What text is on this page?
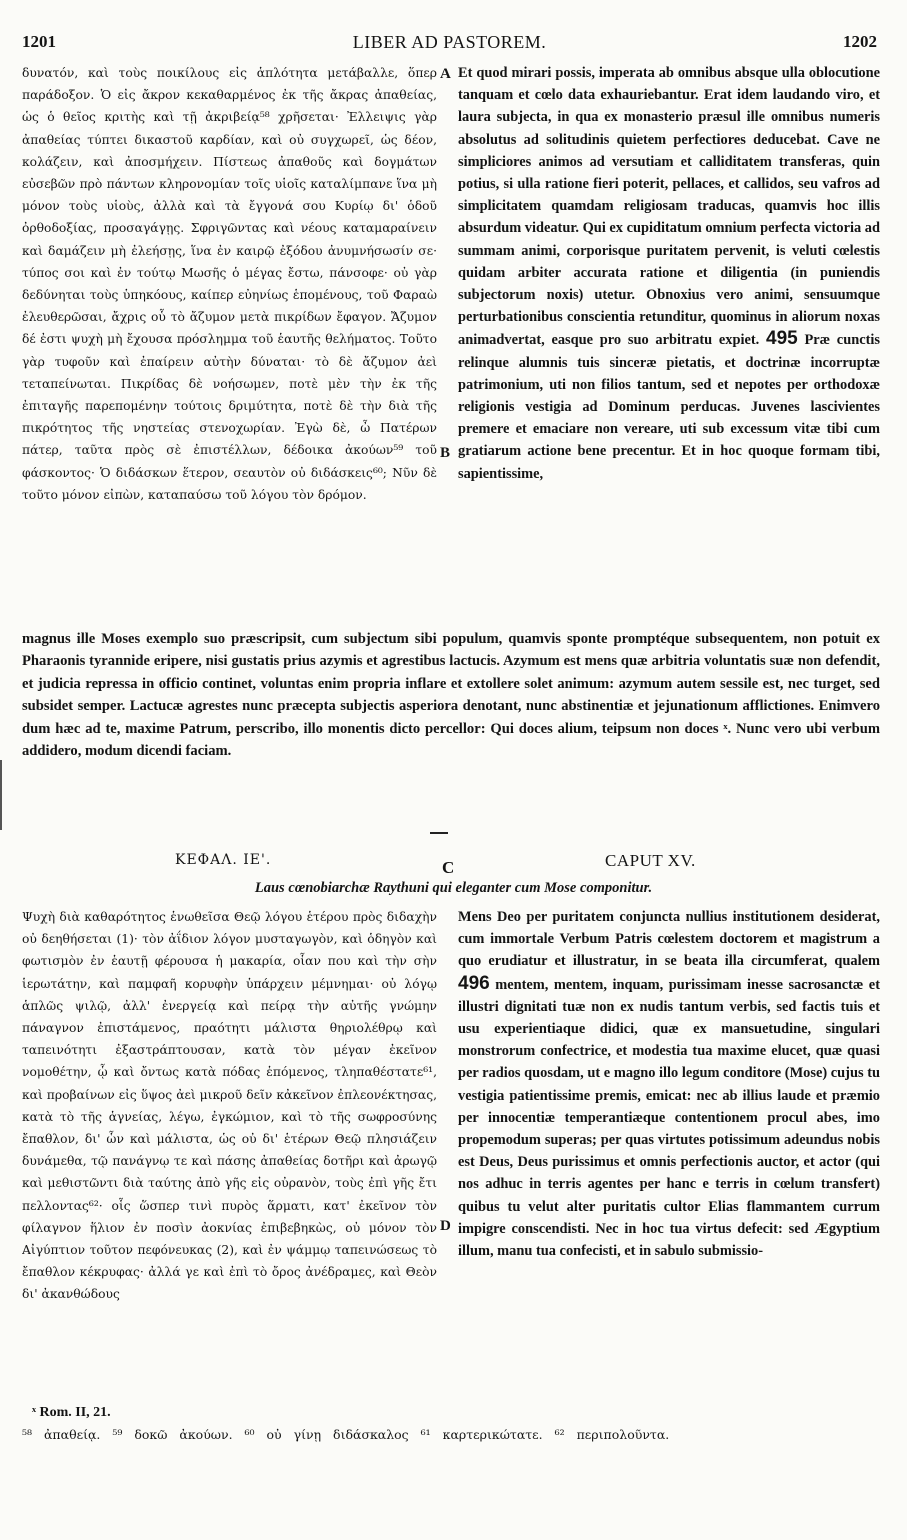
1201	LIBER AD PASTOREM.	1202

δυνατόν, καὶ τοὺς ποικίλους εἰς ἁπλότητα μετάβαλλε, ὅπερ παράδοξον. Ὁ εἰς ἄκρον κεκαθαρμένος ἐκ τῆς ἄκρας ἀπαθείας, ὡς ὁ θεῖος κριτὴς καὶ τῇ ἀκριβείᾳ⁵⁸ χρῆσεται· Ἐλλειψις γὰρ ἀπαθείας τύπτει δικαστοῦ καρδίαν, καὶ οὐ συγχωρεῖ, ὡς δέον, κολάζειν, καὶ ἀποσμήχειν. Πίστεως ἀπαθοῦς καὶ δογμάτων εὐσεβῶν πρὸ πάντων κληρονομίαν τοῖς υἱοῖς καταλίμπανε ἵνα μὴ μόνον τοὺς υἱοὺς, ἀλλὰ καὶ τὰ ἔγγονά σου Κυρίῳ δι' ὁδοῦ ὀρθοδοξίας, προσαγάγῃς. Σφριγῶντας καὶ νέους καταμαραίνειν καὶ δαμάζειν μὴ ἐλεήσῃς, ἵνα ἐν καιρῷ ἐξόδου ἀνυμνήσωσίν σε· τύπος σοι καὶ ἐν τούτῳ Μωσῆς ὁ μέγας ἔστω, πάνσοφε· οὐ γὰρ δεδύνηται τοὺς ὑπηκόους, καίπερ εὐηνίως ἑπομένους, τοῦ Φαραὼ ἐλευθερῶσαι, ἄχρις οὗ τὸ ἄζυμον μετὰ πικρίδων ἔφαγον. Ἄζυμον δέ ἐστι ψυχὴ μὴ ἔχουσα πρόσλημμα τοῦ ἑαυτῆς θελήματος. Τοῦτο γὰρ τυφοῦν καὶ ἐπαίρειν αὐτὴν δύναται· τὸ δὲ ἄζυμον ἀεὶ τεταπείνωται. Πικρίδας δὲ νοήσωμεν, ποτὲ μὲν τὴν ἐκ τῆς ἐπιταγῆς παρεπομένην τούτοις δριμύτητα, ποτὲ δὲ τὴν διὰ τῆς πικρότητος τῆς νηστείας στενοχωρίαν. Ἐγὼ δὲ, ὦ Πατέρων πάτερ, ταῦτα πρὸς σὲ ἐπιστέλλων, δέδοικα ἀκούων⁵⁹ τοῦ φάσκοντος· Ὁ διδάσκων ἕτερον, σεαυτὸν οὐ διδάσκεις⁶⁰; Νῦν δὲ τοῦτο μόνον εἰπὼν, καταπαύσω τοῦ λόγου τὸν δρόμον.

Et quod mirari possis, imperata ab omnibus absque ulla oblocutione tanquam et cœlo data exhauriebantur. Erat idem laudando viro, et laura subjecta, in qua ex monasterio præsul ille omnibus numeris absolutus ad solitudinis quietem perfectiores deducebat. Cave ne simpliciores animos ad versutiam et calliditatem transferas, quin potius, si ulla ratione fieri poterit, pellaces, et callidos, seu vafros ad simplicitatem quamdam religiosam traducas, quamvis hoc illis absurdum videatur. Qui ex cupiditatum omnium perfecta victoria ad summam animi, corporisque puritatem pervenit, is veluti cœlestis quidam arbiter accurata ratione et diligentia (in puniendis subjectorum noxis) utetur. Obnoxius vero animi, sensuumque perturbationibus conscientia retunditur, quominus in aliorum noxas animadvertat, easque pro suo arbitratu expiet. 495 Præ cunctis relinque alumnis tuis sinceræ pietatis, et doctrinæ incorruptæ patrimonium, uti non filios tantum, sed et nepotes per orthodoxæ religionis vestigia ad Dominum perducas. Juvenes lascivientes premere et emaciare non vereare, uti sub excessum vitæ tibi cum gratiarum actione bene precentur. Et in hoc quoque formam tibi, sapientissime,
A
B

magnus ille Moses exemplo suo præscripsit, cum subjectum sibi populum, quamvis sponte promptéque subsequentem, non potuit ex Pharaonis tyrannide eripere, nisi gustatis prius azymis et agrestibus lactucis. Azymum est mens quæ arbitria voluntatis suæ non defendit, et judicia repressa in officio continet, voluntas enim propria inflare et extollere solet animum: azymum autem sessile est, nec turget, sed subsidet semper. Lactucæ agrestes nunc præcepta subjectis asperiora denotant, nunc abstinentiæ et jejunationum afflictiones. Enimvero dum hæc ad te, maxime Patrum, perscribo, illo monentis dicto percellor: Qui doces alium, teipsum non doces ˣ. Nunc vero ubi verbum addidero, modum dicendi faciam.

ΚΕΦΑΛ. ΙΕ'.	C	CAPUT XV.
Laus cœnobiarchæ Raythuni qui eleganter cum Mose componitur.

Ψυχὴ διὰ καθαρότητος ἑνωθεῖσα Θεῷ λόγου ἑτέρου πρὸς διδαχὴν οὐ δεηθήσεται (1)· τὸν ἀΐδιον λόγον μυσταγωγὸν, καὶ ὁδηγὸν καὶ φωτισμὸν ἐν ἑαυτῇ φέρουσα ἡ μακαρία, οἷαν που καὶ τὴν σὴν ἱερωτάτην, καὶ παμφαῆ κορυφὴν ὑπάρχειν μέμνημαι· οὐ λόγῳ ἁπλῶς ψιλῷ, ἀλλ' ἐνεργείᾳ καὶ πείρᾳ τὴν αὐτῆς γνώμην πάναγνον ἐπιστάμενος, πραότητι μάλιστα θηριολέθρῳ καὶ ταπεινότητι ἐξαστράπτουσαν, κατὰ τὸν μέγαν ἐκεῖνον νομοθέτην, ᾧ καὶ ὄντως κατὰ πόδας ἑπόμενος, τληπαθέστατε⁶¹, καὶ προβαίνων εἰς ὕψος ἀεὶ μικροῦ δεῖν κἀκεῖνον ἐπλεονέκτησας, κατὰ τὸ τῆς ἁγνείας, λέγω, ἐγκώμιον, καὶ τὸ τῆς σωφροσύνης ἔπαθλον, δι' ὧν καὶ μάλιστα, ὡς οὐ δι' ἑτέρων Θεῷ πλησιάζειν δυνάμεθα, τῷ πανάγνῳ τε καὶ πάσης ἀπαθείας δοτῆρι καὶ ἀρωγῷ καὶ μεθιστῶντι διὰ ταύτης ἀπὸ γῆς εἰς οὐρανὸν, τοὺς ἐπὶ γῆς ἔτι πελλοντας⁶²· οἷς ὥσπερ τινὶ πυρὸς ἅρματι, κατ' ἐκεῖνον τὸν φίλαγνον ἥλιον ἐν ποσὶν ἀοκνίας ἐπιβεβηκὼς, οὐ μόνον τὸν Αἰγύπτιον τοῦτον πεφόνευκας (2), καὶ ἐν ψάμμῳ ταπεινώσεως τὸ ἔπαθλον κέκρυφας· ἀλλά γε καὶ ἐπὶ τὸ ὄρος ἀνέδραμες, καὶ Θεὸν δι' ἀκανθώδους

Mens Deo per puritatem conjuncta nullius institutionem desiderat, cum immortale Verbum Patris cœlestem doctorem et magistrum a quo erudiatur et illustratur, in se beata illa circumferat, qualem 496 mentem, mentem, inquam, purissimam inesse sacrosanctæ et illustri dignitati tuæ non ex nudis tantum verbis, sed factis tuis et usu experientiaque didici, quæ ex mansuetudine, singulari monstrorum confectrice, et modestia tua maxime elucet, quæ quasi per radios quosdam, ut e magno illo legum conditore (Mose) cujus tu vestigia patientissime premis, emicat: nec ab illius laude et præmio per innocentiæ temperantiæque contentionem procul abes, imo propemodum superas; per quas virtutes potissimum adeundus nobis est Deus, Deus purissimus et omnis perfectionis auctor, et actor (qui nos adhuc in terris agentes per hanc e terris in cœlum transfert) quibus tu velut alter puritatis cultor Elias flammantem currum impigre conscendisti. Nec in hoc tua virtus defecit: sed Ægyptium illum, manu tua confecisti, et in sabulo submissio-
D
ˣ Rom. II, 21.
⁵⁸ ἀπαθείᾳ. ⁵⁹ δοκῶ ἀκούων. ⁶⁰ οὐ γίνῃ διδάσκαλος ⁶¹ καρτερικώτατε. ⁶² περιπολοῦντα.
